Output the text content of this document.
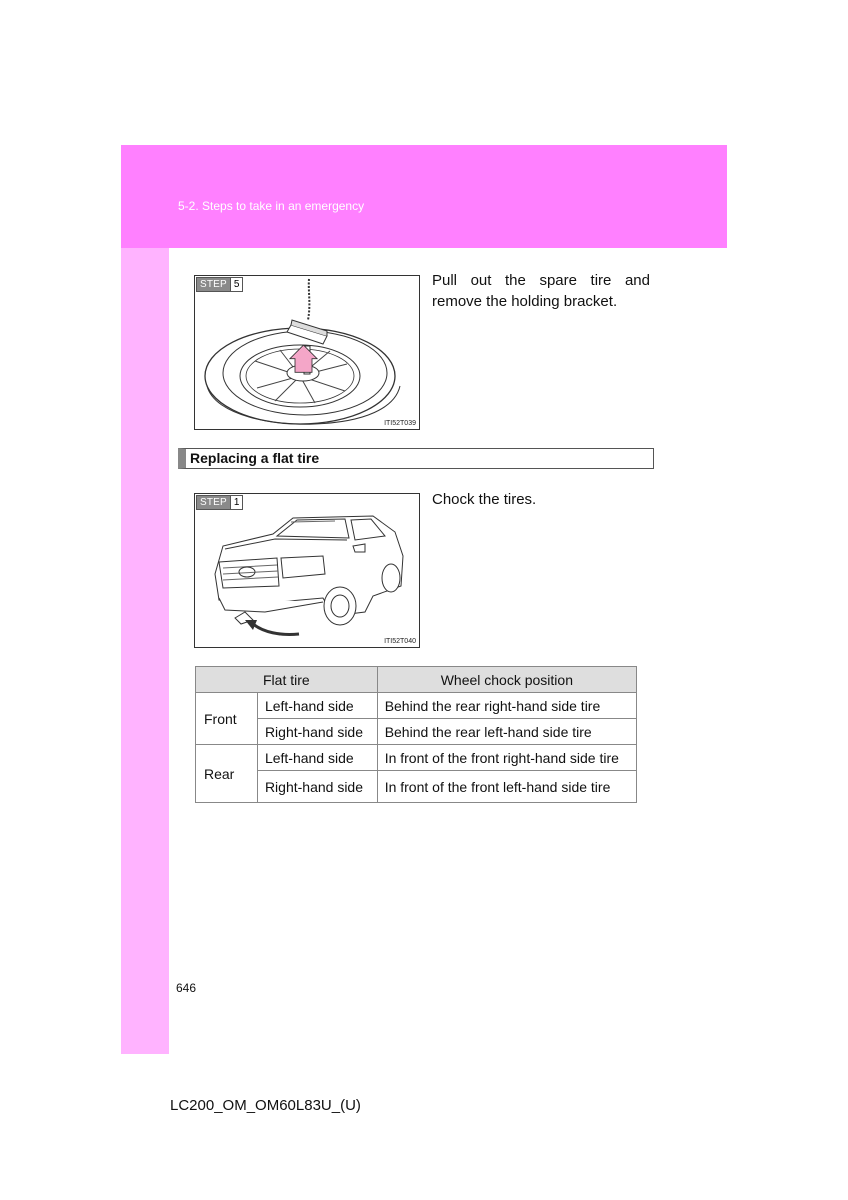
5-2. Steps to take in an emergency
STEP 5
ITI52T039
Pull out the spare tire and remove the holding bracket.
Replacing a flat tire
STEP 1
ITI52T040
Chock the tires.
Flat tire		Wheel chock position
Front	Left-hand side	Behind the rear right-hand side tire
	Right-hand side	Behind the rear left-hand side tire
Rear	Left-hand side	In front of the front right-hand side tire
	Right-hand side	In front of the front left-hand side tire
646
LC200_OM_OM60L83U_(U)
